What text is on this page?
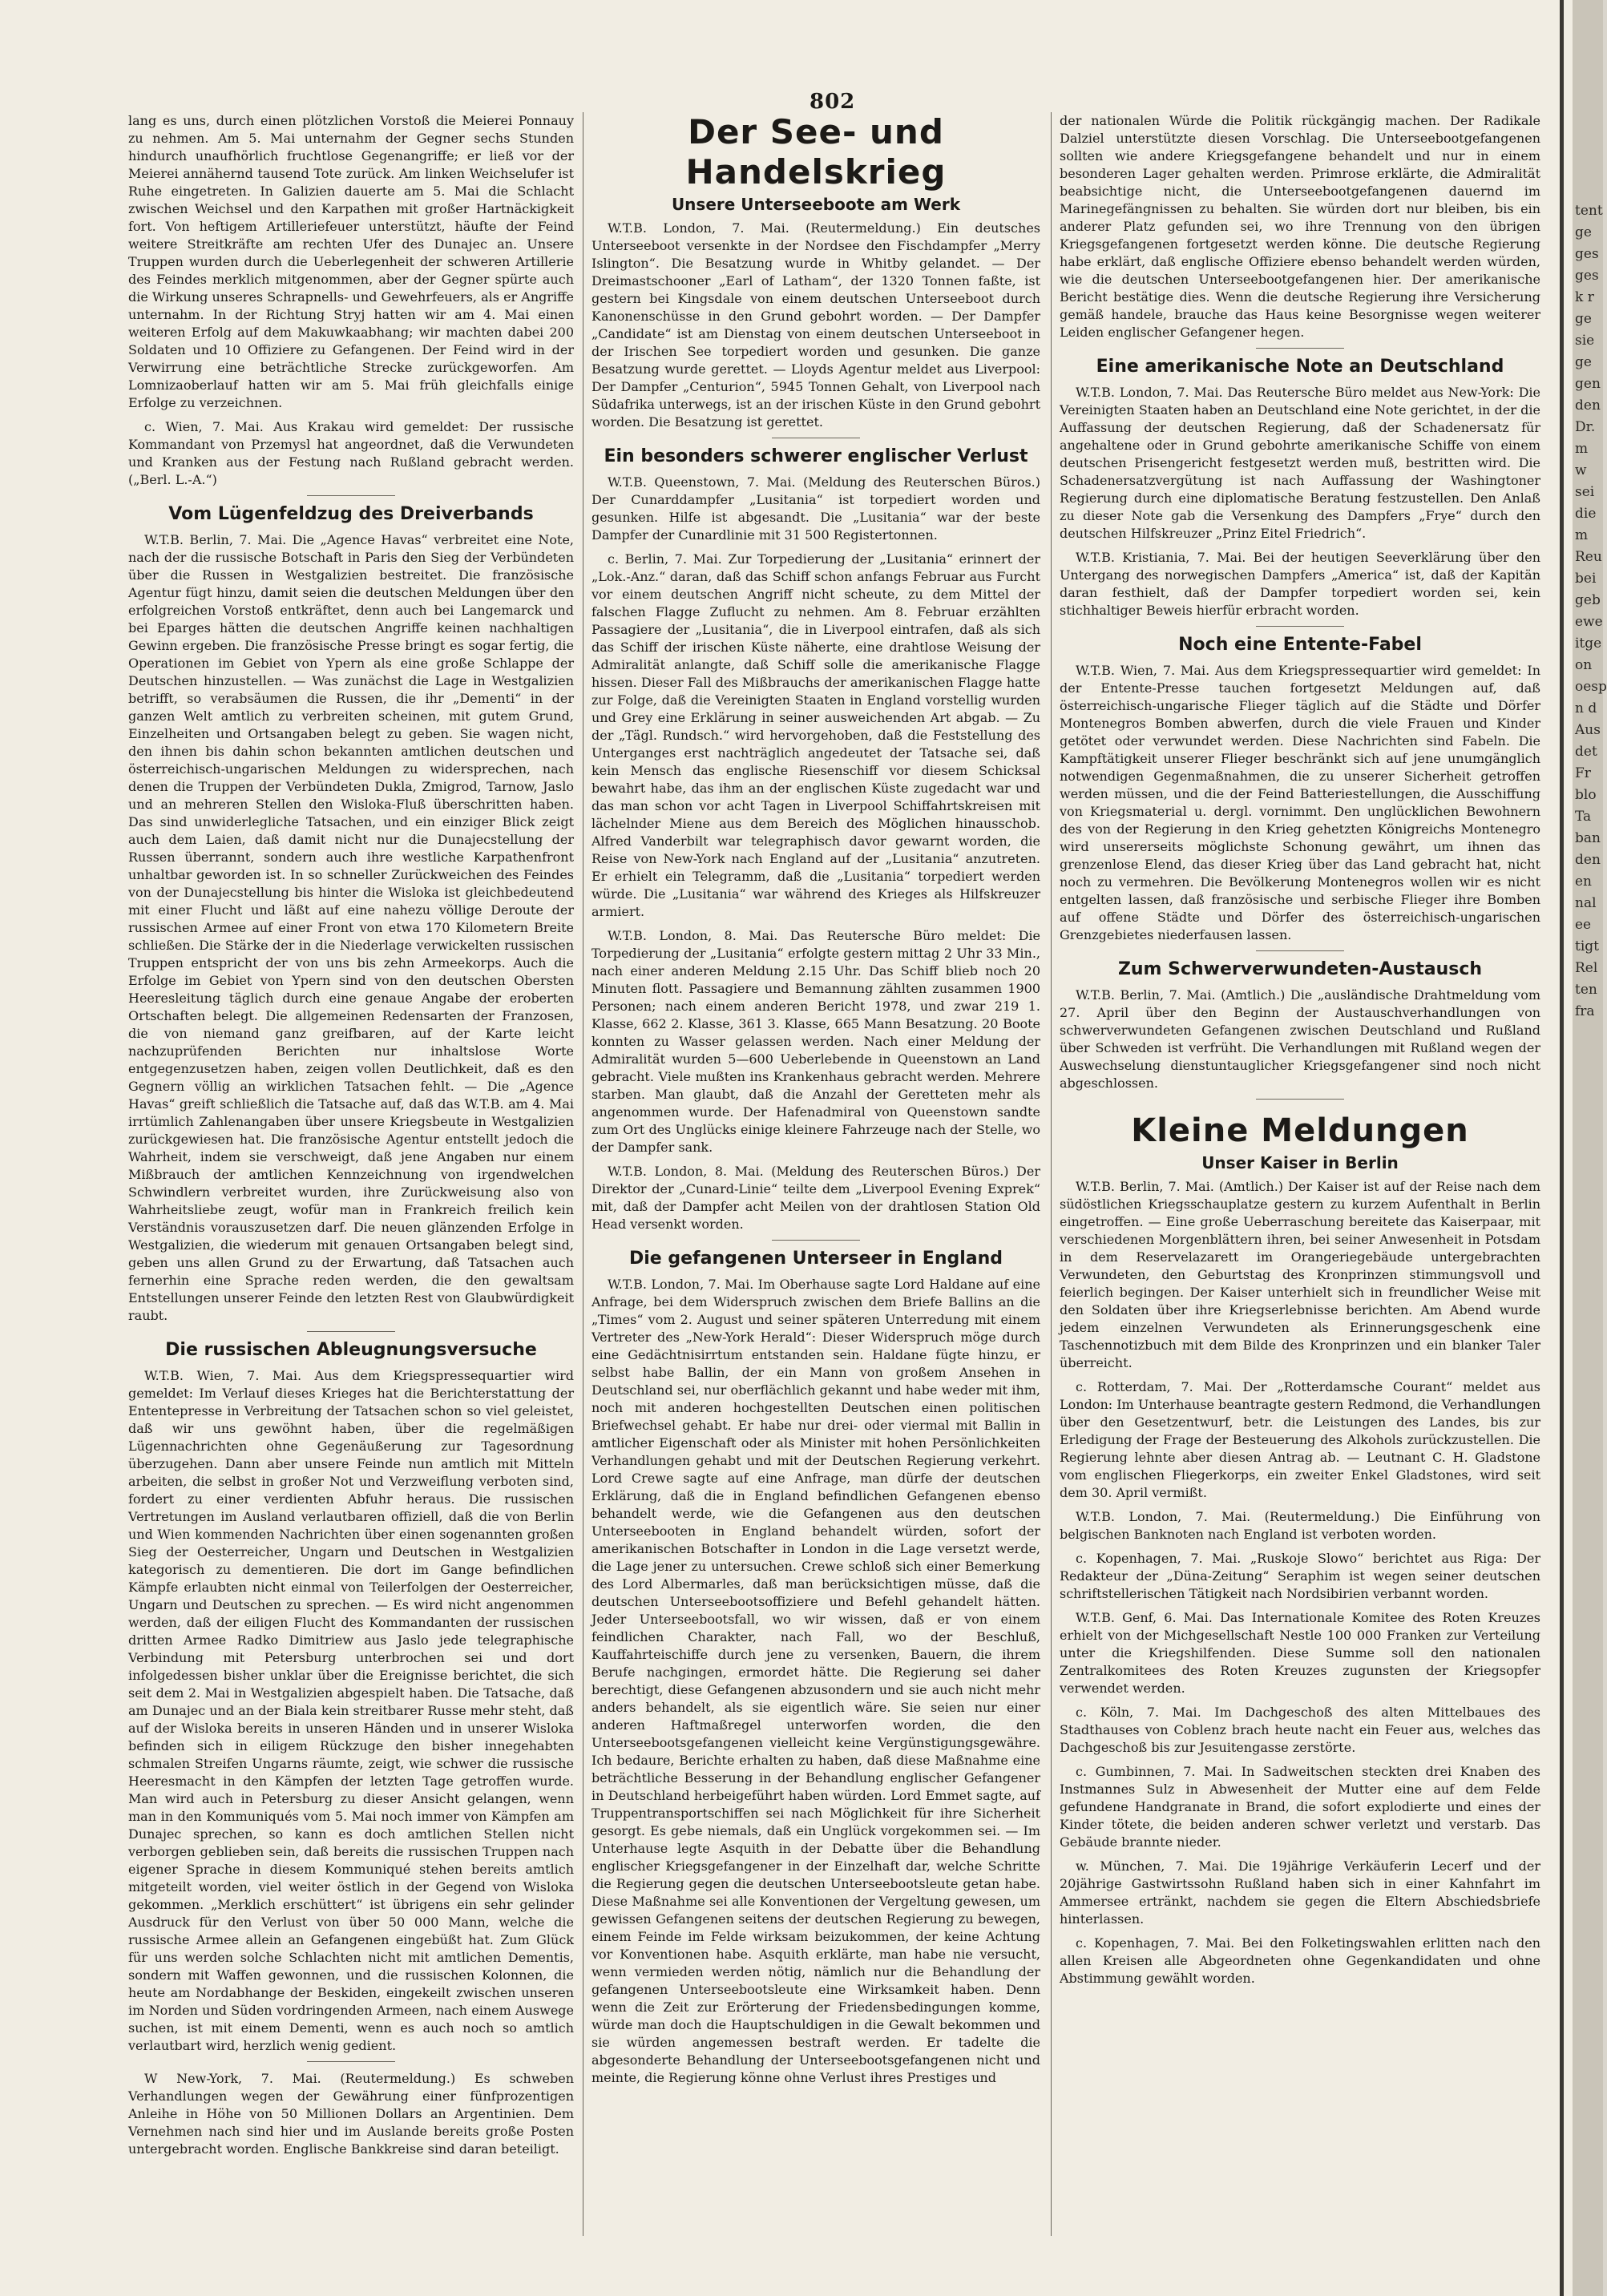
802

lang es uns, durch einen plötzlichen Vorstoß die Meierei Ponnauy zu nehmen. Am 5. Mai unternahm der Gegner sechs Stunden hindurch unaufhörlich fruchtlose Gegenangriffe; er ließ vor der Meierei annähernd tausend Tote zurück. Am linken Weichselufer ist Ruhe eingetreten. In Galizien dauerte am 5. Mai die Schlacht zwischen Weichsel und den Karpathen mit großer Hartnäckigkeit fort. Von heftigem Artilleriefeuer unterstützt, häufte der Feind weitere Streitkräfte am rechten Ufer des Dunajec an. Unsere Truppen wurden durch die Ueberlegenheit der schweren Artillerie des Feindes merklich mitgenommen, aber der Gegner spürte auch die Wirkung unseres Schrapnells- und Gewehrfeuers, als er Angriffe unternahm. In der Richtung Stryj hatten wir am 4. Mai einen weiteren Erfolg auf dem Makuwkaabhang; wir machten dabei 200 Soldaten und 10 Offiziere zu Gefangenen. Der Feind wird in der Verwirrung eine beträchtliche Strecke zurückgeworfen. Am Lomnizaoberlauf hatten wir am 5. Mai früh gleichfalls einige Erfolge zu verzeichnen.

c. Wien, 7. Mai. Aus Krakau wird gemeldet: Der russische Kommandant von Przemysl hat angeordnet, daß die Verwundeten und Kranken aus der Festung nach Rußland gebracht werden. („Berl. L.-A.“)

Vom Lügenfeldzug des Dreiverbands

W.T.B. Berlin, 7. Mai. Die „Agence Havas“ verbreitet eine Note, nach der die russische Botschaft in Paris den Sieg der Verbündeten über die Russen in Westgalizien bestreitet. Die französische Agentur fügt hinzu, damit seien die deutschen Meldungen über den erfolgreichen Vorstoß entkräftet, denn auch bei Langemarck und bei Eparges hätten die deutschen Angriffe keinen nachhaltigen Gewinn ergeben. Die französische Presse bringt es sogar fertig, die Operationen im Gebiet von Ypern als eine große Schlappe der Deutschen hinzustellen. — Was zunächst die Lage in Westgalizien betrifft, so verabsäumen die Russen, die ihr „Dementi“ in der ganzen Welt amtlich zu verbreiten scheinen, mit gutem Grund, Einzelheiten und Ortsangaben belegt zu geben. Sie wagen nicht, den ihnen bis dahin schon bekannten amtlichen deutschen und österreichisch-ungarischen Meldungen zu widersprechen, nach denen die Truppen der Verbündeten Dukla, Zmigrod, Tarnow, Jaslo und an mehreren Stellen den Wisloka-Fluß überschritten haben. Das sind unwiderlegliche Tatsachen, und ein einziger Blick zeigt auch dem Laien, daß damit nicht nur die Dunajecstellung der Russen überrannt, sondern auch ihre westliche Karpathenfront unhaltbar geworden ist. In so schneller Zurückweichen des Feindes von der Dunajecstellung bis hinter die Wisloka ist gleichbedeutend mit einer Flucht und läßt auf eine nahezu völlige Deroute der russischen Armee auf einer Front von etwa 170 Kilometern Breite schließen. Die Stärke der in die Niederlage verwickelten russischen Truppen entspricht der von uns bis zehn Armeekorps. Auch die Erfolge im Gebiet von Ypern sind von den deutschen Obersten Heeresleitung täglich durch eine genaue Angabe der eroberten Ortschaften belegt. Die allgemeinen Redensarten der Franzosen, die von niemand ganz greifbaren, auf der Karte leicht nachzuprüfenden Berichten nur inhaltslose Worte entgegenzusetzen haben, zeigen vollen Deutlichkeit, daß es den Gegnern völlig an wirklichen Tatsachen fehlt. — Die „Agence Havas“ greift schließlich die Tatsache auf, daß das W.T.B. am 4. Mai irrtümlich Zahlenangaben über unsere Kriegsbeute in Westgalizien zurückgewiesen hat. Die französische Agentur entstellt jedoch die Wahrheit, indem sie verschweigt, daß jene Angaben nur einem Mißbrauch der amtlichen Kennzeichnung von irgendwelchen Schwindlern verbreitet wurden, ihre Zurückweisung also von Wahrheitsliebe zeugt, wofür man in Frankreich freilich kein Verständnis vorauszusetzen darf. Die neuen glänzenden Erfolge in Westgalizien, die wiederum mit genauen Ortsangaben belegt sind, geben uns allen Grund zu der Erwartung, daß Tatsachen auch fernerhin eine Sprache reden werden, die den gewaltsam Entstellungen unserer Feinde den letzten Rest von Glaubwürdigkeit raubt.

Die russischen Ableugnungsversuche

W.T.B. Wien, 7. Mai. Aus dem Kriegspressequartier wird gemeldet: Im Verlauf dieses Krieges hat die Berichterstattung der Ententepresse in Verbreitung der Tatsachen schon so viel geleistet, daß wir uns gewöhnt haben, über die regelmäßigen Lügennachrichten ohne Gegenäußerung zur Tagesordnung überzugehen. Dann aber unsere Feinde nun amtlich mit Mitteln arbeiten, die selbst in großer Not und Verzweiflung verboten sind, fordert zu einer verdienten Abfuhr heraus. Die russischen Vertretungen im Ausland verlautbaren offiziell, daß die von Berlin und Wien kommenden Nachrichten über einen sogenannten großen Sieg der Oesterreicher, Ungarn und Deutschen in Westgalizien kategorisch zu dementieren. Die dort im Gange befindlichen Kämpfe erlaubten nicht einmal von Teilerfolgen der Oesterreicher, Ungarn und Deutschen zu sprechen. — Es wird nicht angenommen werden, daß der eiligen Flucht des Kommandanten der russischen dritten Armee Radko Dimitriew aus Jaslo jede telegraphische Verbindung mit Petersburg unterbrochen sei und dort infolgedessen bisher unklar über die Ereignisse berichtet, die sich seit dem 2. Mai in Westgalizien abgespielt haben. Die Tatsache, daß am Dunajec und an der Biala kein streitbarer Russe mehr steht, daß auf der Wisloka bereits in unseren Händen und in unserer Wisloka befinden sich in eiligem Rückzuge den bisher innegehabten schmalen Streifen Ungarns räumte, zeigt, wie schwer die russische Heeresmacht in den Kämpfen der letzten Tage getroffen wurde. Man wird auch in Petersburg zu dieser Ansicht gelangen, wenn man in den Kommuniqués vom 5. Mai noch immer von Kämpfen am Dunajec sprechen, so kann es doch amtlichen Stellen nicht verborgen geblieben sein, daß bereits die russischen Truppen nach eigener Sprache in diesem Kommuniqué stehen bereits amtlich mitgeteilt worden, viel weiter östlich in der Gegend von Wisloka gekommen. „Merklich erschüttert“ ist übrigens ein sehr gelinder Ausdruck für den Verlust von über 50 000 Mann, welche die russische Armee allein an Gefangenen eingebüßt hat. Zum Glück für uns werden solche Schlachten nicht mit amtlichen Dementis, sondern mit Waffen gewonnen, und die russischen Kolonnen, die heute am Nordabhange der Beskiden, eingekeilt zwischen unseren im Norden und Süden vordringenden Armeen, nach einem Auswege suchen, ist mit einem Dementi, wenn es auch noch so amtlich verlautbart wird, herzlich wenig gedient.

W New-York, 7. Mai. (Reutermeldung.) Es schweben Verhandlungen wegen der Gewährung einer fünfprozentigen Anleihe in Höhe von 50 Millionen Dollars an Argentinien. Dem Vernehmen nach sind hier und im Auslande bereits große Posten untergebracht worden. Englische Bankkreise sind daran beteiligt.

Der See- und Handelskrieg
Unsere Unterseeboote am Werk

W.T.B. London, 7. Mai. (Reutermeldung.) Ein deutsches Unterseeboot versenkte in der Nordsee den Fischdampfer „Merry Islington“. Die Besatzung wurde in Whitby gelandet. — Der Dreimastschooner „Earl of Latham“, der 1320 Tonnen faßte, ist gestern bei Kingsdale von einem deutschen Unterseeboot durch Kanonenschüsse in den Grund gebohrt worden. — Der Dampfer „Candidate“ ist am Dienstag von einem deutschen Unterseeboot in der Irischen See torpediert worden und gesunken. Die ganze Besatzung wurde gerettet. — Lloyds Agentur meldet aus Liverpool: Der Dampfer „Centurion“, 5945 Tonnen Gehalt, von Liverpool nach Südafrika unterwegs, ist an der irischen Küste in den Grund gebohrt worden. Die Besatzung ist gerettet.

Ein besonders schwerer englischer Verlust

W.T.B. Queenstown, 7. Mai. (Meldung des Reuterschen Büros.) Der Cunarddampfer „Lusitania“ ist torpediert worden und gesunken. Hilfe ist abgesandt. Die „Lusitania“ war der beste Dampfer der Cunardlinie mit 31 500 Registertonnen.

c. Berlin, 7. Mai. Zur Torpedierung der „Lusitania“ erinnert der „Lok.-Anz.“ daran, daß das Schiff schon anfangs Februar aus Furcht vor einem deutschen Angriff nicht scheute, zu dem Mittel der falschen Flagge Zuflucht zu nehmen. Am 8. Februar erzählten Passagiere der „Lusitania“, die in Liverpool eintrafen, daß als sich das Schiff der irischen Küste näherte, eine drahtlose Weisung der Admiralität anlangte, daß Schiff solle die amerikanische Flagge hissen. Dieser Fall des Mißbrauchs der amerikanischen Flagge hatte zur Folge, daß die Vereinigten Staaten in England vorstellig wurden und Grey eine Erklärung in seiner ausweichenden Art abgab. — Zu der „Tägl. Rundsch.“ wird hervorgehoben, daß die Feststellung des Unterganges erst nachträglich angedeutet der Tatsache sei, daß kein Mensch das englische Riesenschiff vor diesem Schicksal bewahrt habe, das ihm an der englischen Küste zugedacht war und das man schon vor acht Tagen in Liverpool Schiffahrtskreisen mit lächelnder Miene aus dem Bereich des Möglichen hinausschob. Alfred Vanderbilt war telegraphisch davor gewarnt worden, die Reise von New-York nach England auf der „Lusitania“ anzutreten. Er erhielt ein Telegramm, daß die „Lusitania“ torpediert werden würde. Die „Lusitania“ war während des Krieges als Hilfskreuzer armiert.

W.T.B. London, 8. Mai. Das Reutersche Büro meldet: Die Torpedierung der „Lusitania“ erfolgte gestern mittag 2 Uhr 33 Min., nach einer anderen Meldung 2.15 Uhr. Das Schiff blieb noch 20 Minuten flott. Passagiere und Bemannung zählten zusammen 1900 Personen; nach einem anderen Bericht 1978, und zwar 219 1. Klasse, 662 2. Klasse, 361 3. Klasse, 665 Mann Besatzung. 20 Boote konnten zu Wasser gelassen werden. Nach einer Meldung der Admiralität wurden 5—600 Ueberlebende in Queenstown an Land gebracht. Viele mußten ins Krankenhaus gebracht werden. Mehrere starben. Man glaubt, daß die Anzahl der Geretteten mehr als angenommen wurde. Der Hafenadmiral von Queenstown sandte zum Ort des Unglücks einige kleinere Fahrzeuge nach der Stelle, wo der Dampfer sank.

W.T.B. London, 8. Mai. (Meldung des Reuterschen Büros.) Der Direktor der „Cunard-Linie“ teilte dem „Liverpool Evening Exprek“ mit, daß der Dampfer acht Meilen von der drahtlosen Station Old Head versenkt worden.

Die gefangenen Unterseer in England

W.T.B. London, 7. Mai. Im Oberhause sagte Lord Haldane auf eine Anfrage, bei dem Widerspruch zwischen dem Briefe Ballins an die „Times“ vom 2. August und seiner späteren Unterredung mit einem Vertreter des „New-York Herald“: Dieser Widerspruch möge durch eine Gedächtnisirrtum entstanden sein. Haldane fügte hinzu, er selbst habe Ballin, der ein Mann von großem Ansehen in Deutschland sei, nur oberflächlich gekannt und habe weder mit ihm, noch mit anderen hochgestellten Deutschen einen politischen Briefwechsel gehabt. Er habe nur drei- oder viermal mit Ballin in amtlicher Eigenschaft oder als Minister mit hohen Persönlichkeiten Verhandlungen gehabt und mit der Deutschen Regierung verkehrt. Lord Crewe sagte auf eine Anfrage, man dürfe der deutschen Erklärung, daß die in England befindlichen Gefangenen ebenso behandelt werde, wie die Gefangenen aus den deutschen Unterseebooten in England behandelt würden, sofort der amerikanischen Botschafter in London in die Lage versetzt werde, die Lage jener zu untersuchen. Crewe schloß sich einer Bemerkung des Lord Albermarles, daß man berücksichtigen müsse, daß die deutschen Unterseebootsoffiziere und Befehl gehandelt hätten. Jeder Unterseebootsfall, wo wir wissen, daß er von einem feindlichen Charakter, nach Fall, wo der Beschluß, Kauffahrteischiffe durch jene zu versenken, Bauern, die ihrem Berufe nachgingen, ermordet hätte. Die Regierung sei daher berechtigt, diese Gefangenen abzusondern und sie auch nicht mehr anders behandelt, als sie eigentlich wäre. Sie seien nur einer anderen Haftmaßregel unterworfen worden, die den Unterseebootsgefangenen vielleicht keine Vergünstigungsgewähre. Ich bedaure, Berichte erhalten zu haben, daß diese Maßnahme eine beträchtliche Besserung in der Behandlung englischer Gefangener in Deutschland herbeigeführt haben würden. Lord Emmet sagte, auf Truppentransportschiffen sei nach Möglichkeit für ihre Sicherheit gesorgt. Es gebe niemals, daß ein Unglück vorgekommen sei. — Im Unterhause legte Asquith in der Debatte über die Behandlung englischer Kriegsgefangener in der Einzelhaft dar, welche Schritte die Regierung gegen die deutschen Unterseebootsleute getan habe. Diese Maßnahme sei alle Konventionen der Vergeltung gewesen, um gewissen Gefangenen seitens der deutschen Regierung zu bewegen, einem Feinde im Felde wirksam beizukommen, der keine Achtung vor Konventionen habe. Asquith erklärte, man habe nie versucht, wenn vermieden werden nötig, nämlich nur die Behandlung der gefangenen Unterseebootsleute eine Wirksamkeit haben. Denn wenn die Zeit zur Erörterung der Friedensbedingungen komme, würde man doch die Hauptschuldigen in die Gewalt bekommen und sie würden angemessen bestraft werden. Er tadelte die abgesonderte Behandlung der Unterseebootsgefangenen nicht und meinte, die Regierung könne ohne Verlust ihres Prestiges und

der nationalen Würde die Politik rückgängig machen. Der Radikale Dalziel unterstützte diesen Vorschlag. Die Unterseebootgefangenen sollten wie andere Kriegsgefangene behandelt und nur in einem besonderen Lager gehalten werden. Primrose erklärte, die Admiralität beabsichtige nicht, die Unterseebootgefangenen dauernd im Marinegefängnissen zu behalten. Sie würden dort nur bleiben, bis ein anderer Platz gefunden sei, wo ihre Trennung von den übrigen Kriegsgefangenen fortgesetzt werden könne. Die deutsche Regierung habe erklärt, daß englische Offiziere ebenso behandelt werden würden, wie die deutschen Unterseebootgefangenen hier. Der amerikanische Bericht bestätige dies. Wenn die deutsche Regierung ihre Versicherung gemäß handele, brauche das Haus keine Besorgnisse wegen weiterer Leiden englischer Gefangener hegen.

Eine amerikanische Note an Deutschland

W.T.B. London, 7. Mai. Das Reutersche Büro meldet aus New-York: Die Vereinigten Staaten haben an Deutschland eine Note gerichtet, in der die Auffassung der deutschen Regierung, daß der Schadenersatz für angehaltene oder in Grund gebohrte amerikanische Schiffe von einem deutschen Prisengericht festgesetzt werden muß, bestritten wird. Die Schadenersatzvergütung ist nach Auffassung der Washingtoner Regierung durch eine diplomatische Beratung festzustellen. Den Anlaß zu dieser Note gab die Versenkung des Dampfers „Frye“ durch den deutschen Hilfskreuzer „Prinz Eitel Friedrich“.

W.T.B. Kristiania, 7. Mai. Bei der heutigen Seeverklärung über den Untergang des norwegischen Dampfers „America“ ist, daß der Kapitän daran festhielt, daß der Dampfer torpediert worden sei, kein stichhaltiger Beweis hierfür erbracht worden.

Noch eine Entente-Fabel

W.T.B. Wien, 7. Mai. Aus dem Kriegspressequartier wird gemeldet: In der Entente-Presse tauchen fortgesetzt Meldungen auf, daß österreichisch-ungarische Flieger täglich auf die Städte und Dörfer Montenegros Bomben abwerfen, durch die viele Frauen und Kinder getötet oder verwundet werden. Diese Nachrichten sind Fabeln. Die Kampftätigkeit unserer Flieger beschränkt sich auf jene unumgänglich notwendigen Gegenmaßnahmen, die zu unserer Sicherheit getroffen werden müssen, und die der Feind Batteriestellungen, die Ausschiffung von Kriegsmaterial u. dergl. vornimmt. Den unglücklichen Bewohnern des von der Regierung in den Krieg gehetzten Königreichs Montenegro wird unsererseits möglichste Schonung gewährt, um ihnen das grenzenlose Elend, das dieser Krieg über das Land gebracht hat, nicht noch zu vermehren. Die Bevölkerung Montenegros wollen wir es nicht entgelten lassen, daß französische und serbische Flieger ihre Bomben auf offene Städte und Dörfer des österreichisch-ungarischen Grenzgebietes niederfausen lassen.

Zum Schwerverwundeten-Austausch

W.T.B. Berlin, 7. Mai. (Amtlich.) Die „ausländische Drahtmeldung vom 27. April über den Beginn der Austauschverhandlungen von schwerverwundeten Gefangenen zwischen Deutschland und Rußland über Schweden ist verfrüht. Die Verhandlungen mit Rußland wegen der Auswechselung dienstuntauglicher Kriegsgefangener sind noch nicht abgeschlossen.

Kleine Meldungen
Unser Kaiser in Berlin

W.T.B. Berlin, 7. Mai. (Amtlich.) Der Kaiser ist auf der Reise nach dem südöstlichen Kriegsschauplatze gestern zu kurzem Aufenthalt in Berlin eingetroffen. — Eine große Ueberraschung bereitete das Kaiserpaar, mit verschiedenen Morgenblättern ihren, bei seiner Anwesenheit in Potsdam in dem Reservelazarett im Orangeriegebäude untergebrachten Verwundeten, den Geburtstag des Kronprinzen stimmungsvoll und feierlich begingen. Der Kaiser unterhielt sich in freundlicher Weise mit den Soldaten über ihre Kriegserlebnisse berichten. Am Abend wurde jedem einzelnen Verwundeten als Erinnerungsgeschenk eine Taschennotizbuch mit dem Bilde des Kronprinzen und ein blanker Taler überreicht.

c. Rotterdam, 7. Mai. Der „Rotterdamsche Courant“ meldet aus London: Im Unterhause beantragte gestern Redmond, die Verhandlungen über den Gesetzentwurf, betr. die Leistungen des Landes, bis zur Erledigung der Frage der Besteuerung des Alkohols zurückzustellen. Die Regierung lehnte aber diesen Antrag ab. — Leutnant C. H. Gladstone vom englischen Fliegerkorps, ein zweiter Enkel Gladstones, wird seit dem 30. April vermißt.

W.T.B. London, 7. Mai. (Reutermeldung.) Die Einführung von belgischen Banknoten nach England ist verboten worden.

c. Kopenhagen, 7. Mai. „Ruskoje Slowo“ berichtet aus Riga: Der Redakteur der „Düna-Zeitung“ Seraphim ist wegen seiner deutschen schriftstellerischen Tätigkeit nach Nordsibirien verbannt worden.

W.T.B. Genf, 6. Mai. Das Internationale Komitee des Roten Kreuzes erhielt von der Michgesellschaft Nestle 100 000 Franken zur Verteilung unter die Kriegshilfenden. Diese Summe soll den nationalen Zentralkomitees des Roten Kreuzes zugunsten der Kriegsopfer verwendet werden.

c. Köln, 7. Mai. Im Dachgeschoß des alten Mittelbaues des Stadthauses von Coblenz brach heute nacht ein Feuer aus, welches das Dachgeschoß bis zur Jesuitengasse zerstörte.

c. Gumbinnen, 7. Mai. In Sadweitschen steckten drei Knaben des Instmannes Sulz in Abwesenheit der Mutter eine auf dem Felde gefundene Handgranate in Brand, die sofort explodierte und eines der Kinder tötete, die beiden anderen schwer verletzt und verstarb. Das Gebäude brannte nieder.

w. München, 7. Mai. Die 19jährige Verkäuferin Lecerf und der 20jährige Gastwirtssohn Rußland haben sich in einer Kahnfahrt im Ammersee ertränkt, nachdem sie gegen die Eltern Abschiedsbriefe hinterlassen.

c. Kopenhagen, 7. Mai. Bei den Folketingswahlen erlitten nach den allen Kreisen alle Abgeordneten ohne Gegenkandidaten und ohne Abstimmung gewählt worden.

tent
ge
ges
ges
k r
ge
sie
ge
gen
den
Dr.
m w
sei
die
m
Reu
bei
geb
ewe
itge
on
oesp
n d
Aus
det
Fr
blo
Ta
ban
den
en
nal
ee
tigt
Rel
ten
fra
